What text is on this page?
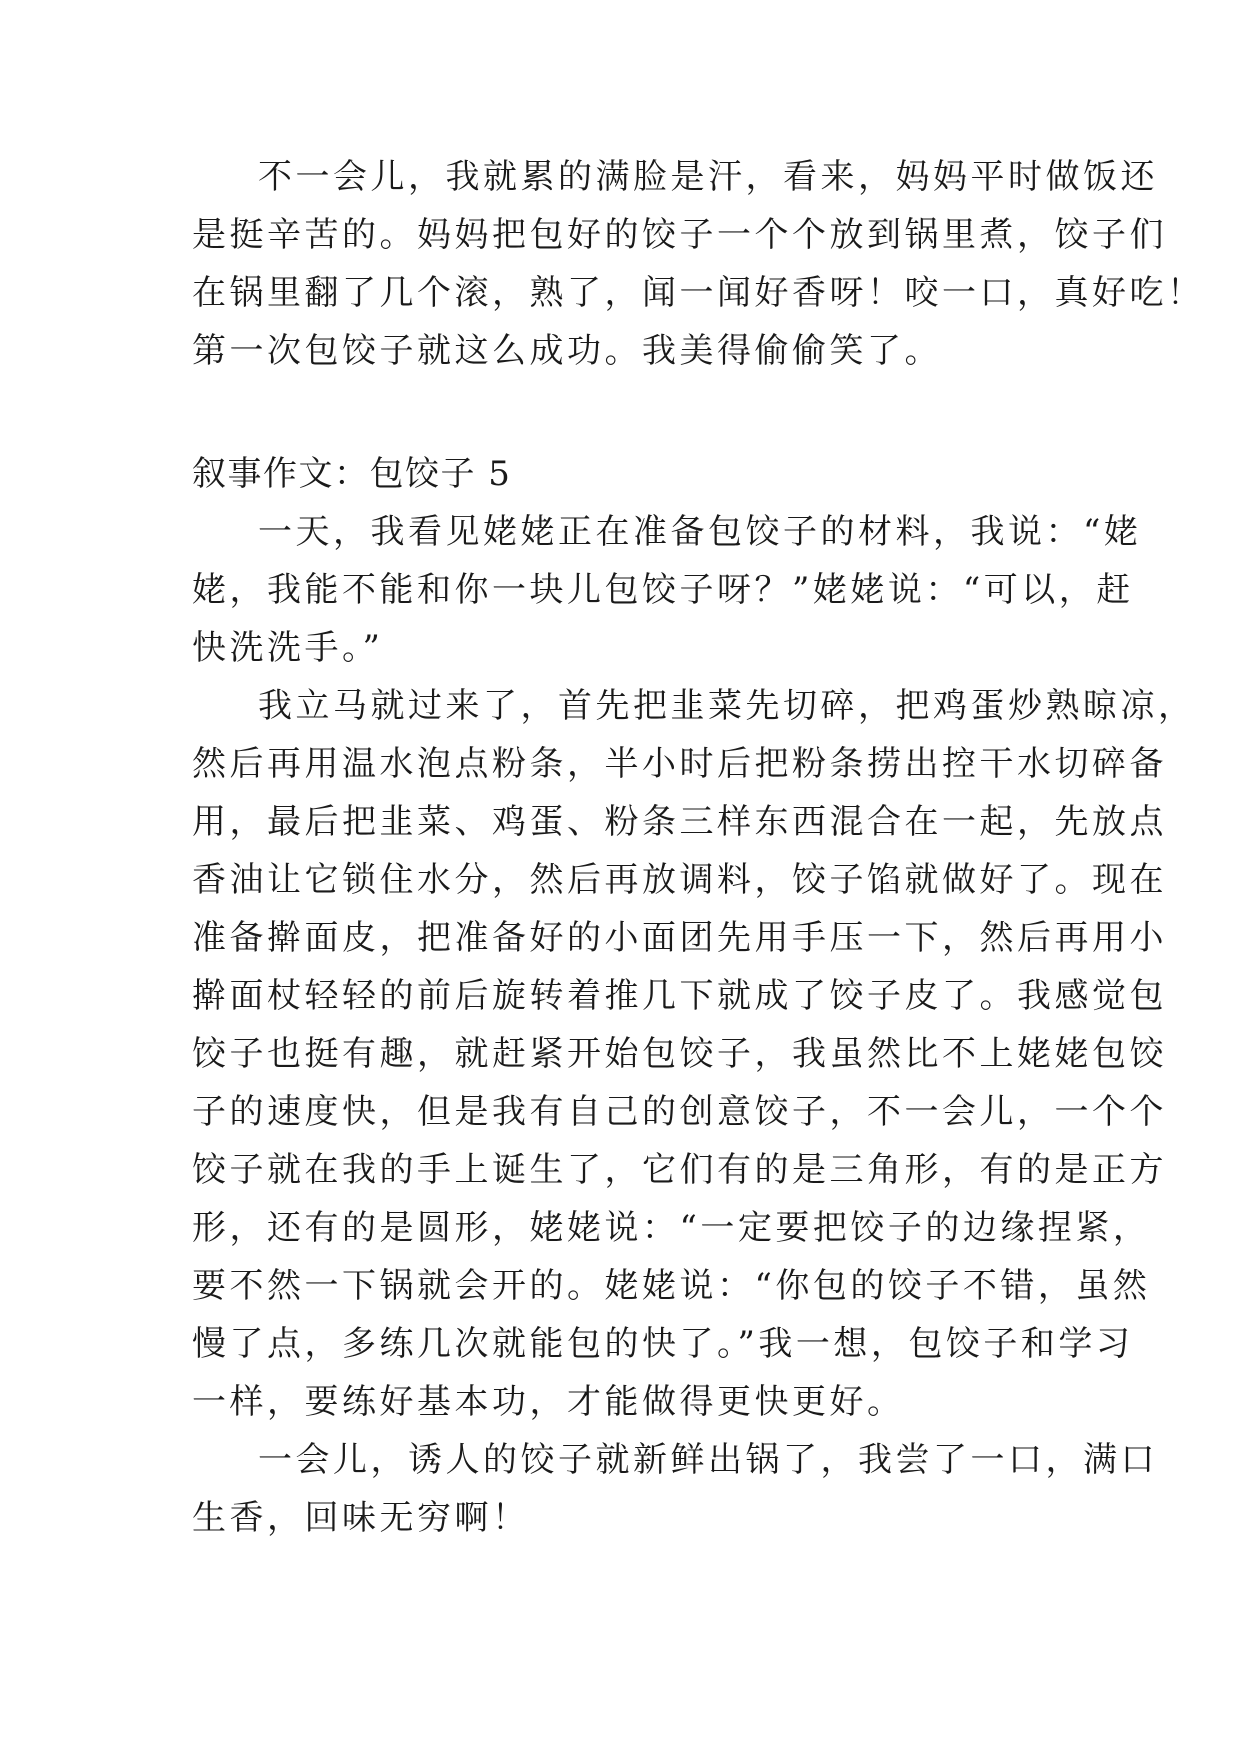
不一会儿，我就累的满脸是汗，看来，妈妈平时做饭还

是挺辛苦的。妈妈把包好的饺子一个个放到锅里煮，饺子们

在锅里翻了几个滚，熟了，闻一闻好香呀！咬一口，真好吃！

第一次包饺子就这么成功。我美得偷偷笑了。

叙事作文：包饺子 5

一天，我看见姥姥正在准备包饺子的材料，我说：“姥

姥，我能不能和你一块儿包饺子呀？”姥姥说：“可以，赶

快洗洗手。”

我立马就过来了，首先把韭菜先切碎，把鸡蛋炒熟晾凉，

然后再用温水泡点粉条，半小时后把粉条捞出控干水切碎备

用，最后把韭菜、鸡蛋、粉条三样东西混合在一起，先放点

香油让它锁住水分，然后再放调料，饺子馅就做好了。现在

准备擀面皮，把准备好的小面团先用手压一下，然后再用小

擀面杖轻轻的前后旋转着推几下就成了饺子皮了。我感觉包

饺子也挺有趣，就赶紧开始包饺子，我虽然比不上姥姥包饺

子的速度快，但是我有自己的创意饺子，不一会儿，一个个

饺子就在我的手上诞生了，它们有的是三角形，有的是正方

形，还有的是圆形，姥姥说：“一定要把饺子的边缘捏紧，

要不然一下锅就会开的。姥姥说：“你包的饺子不错，虽然

慢了点，多练几次就能包的快了。”我一想，包饺子和学习

一样，要练好基本功，才能做得更快更好。

一会儿，诱人的饺子就新鲜出锅了，我尝了一口，满口

生香，回味无穷啊！
